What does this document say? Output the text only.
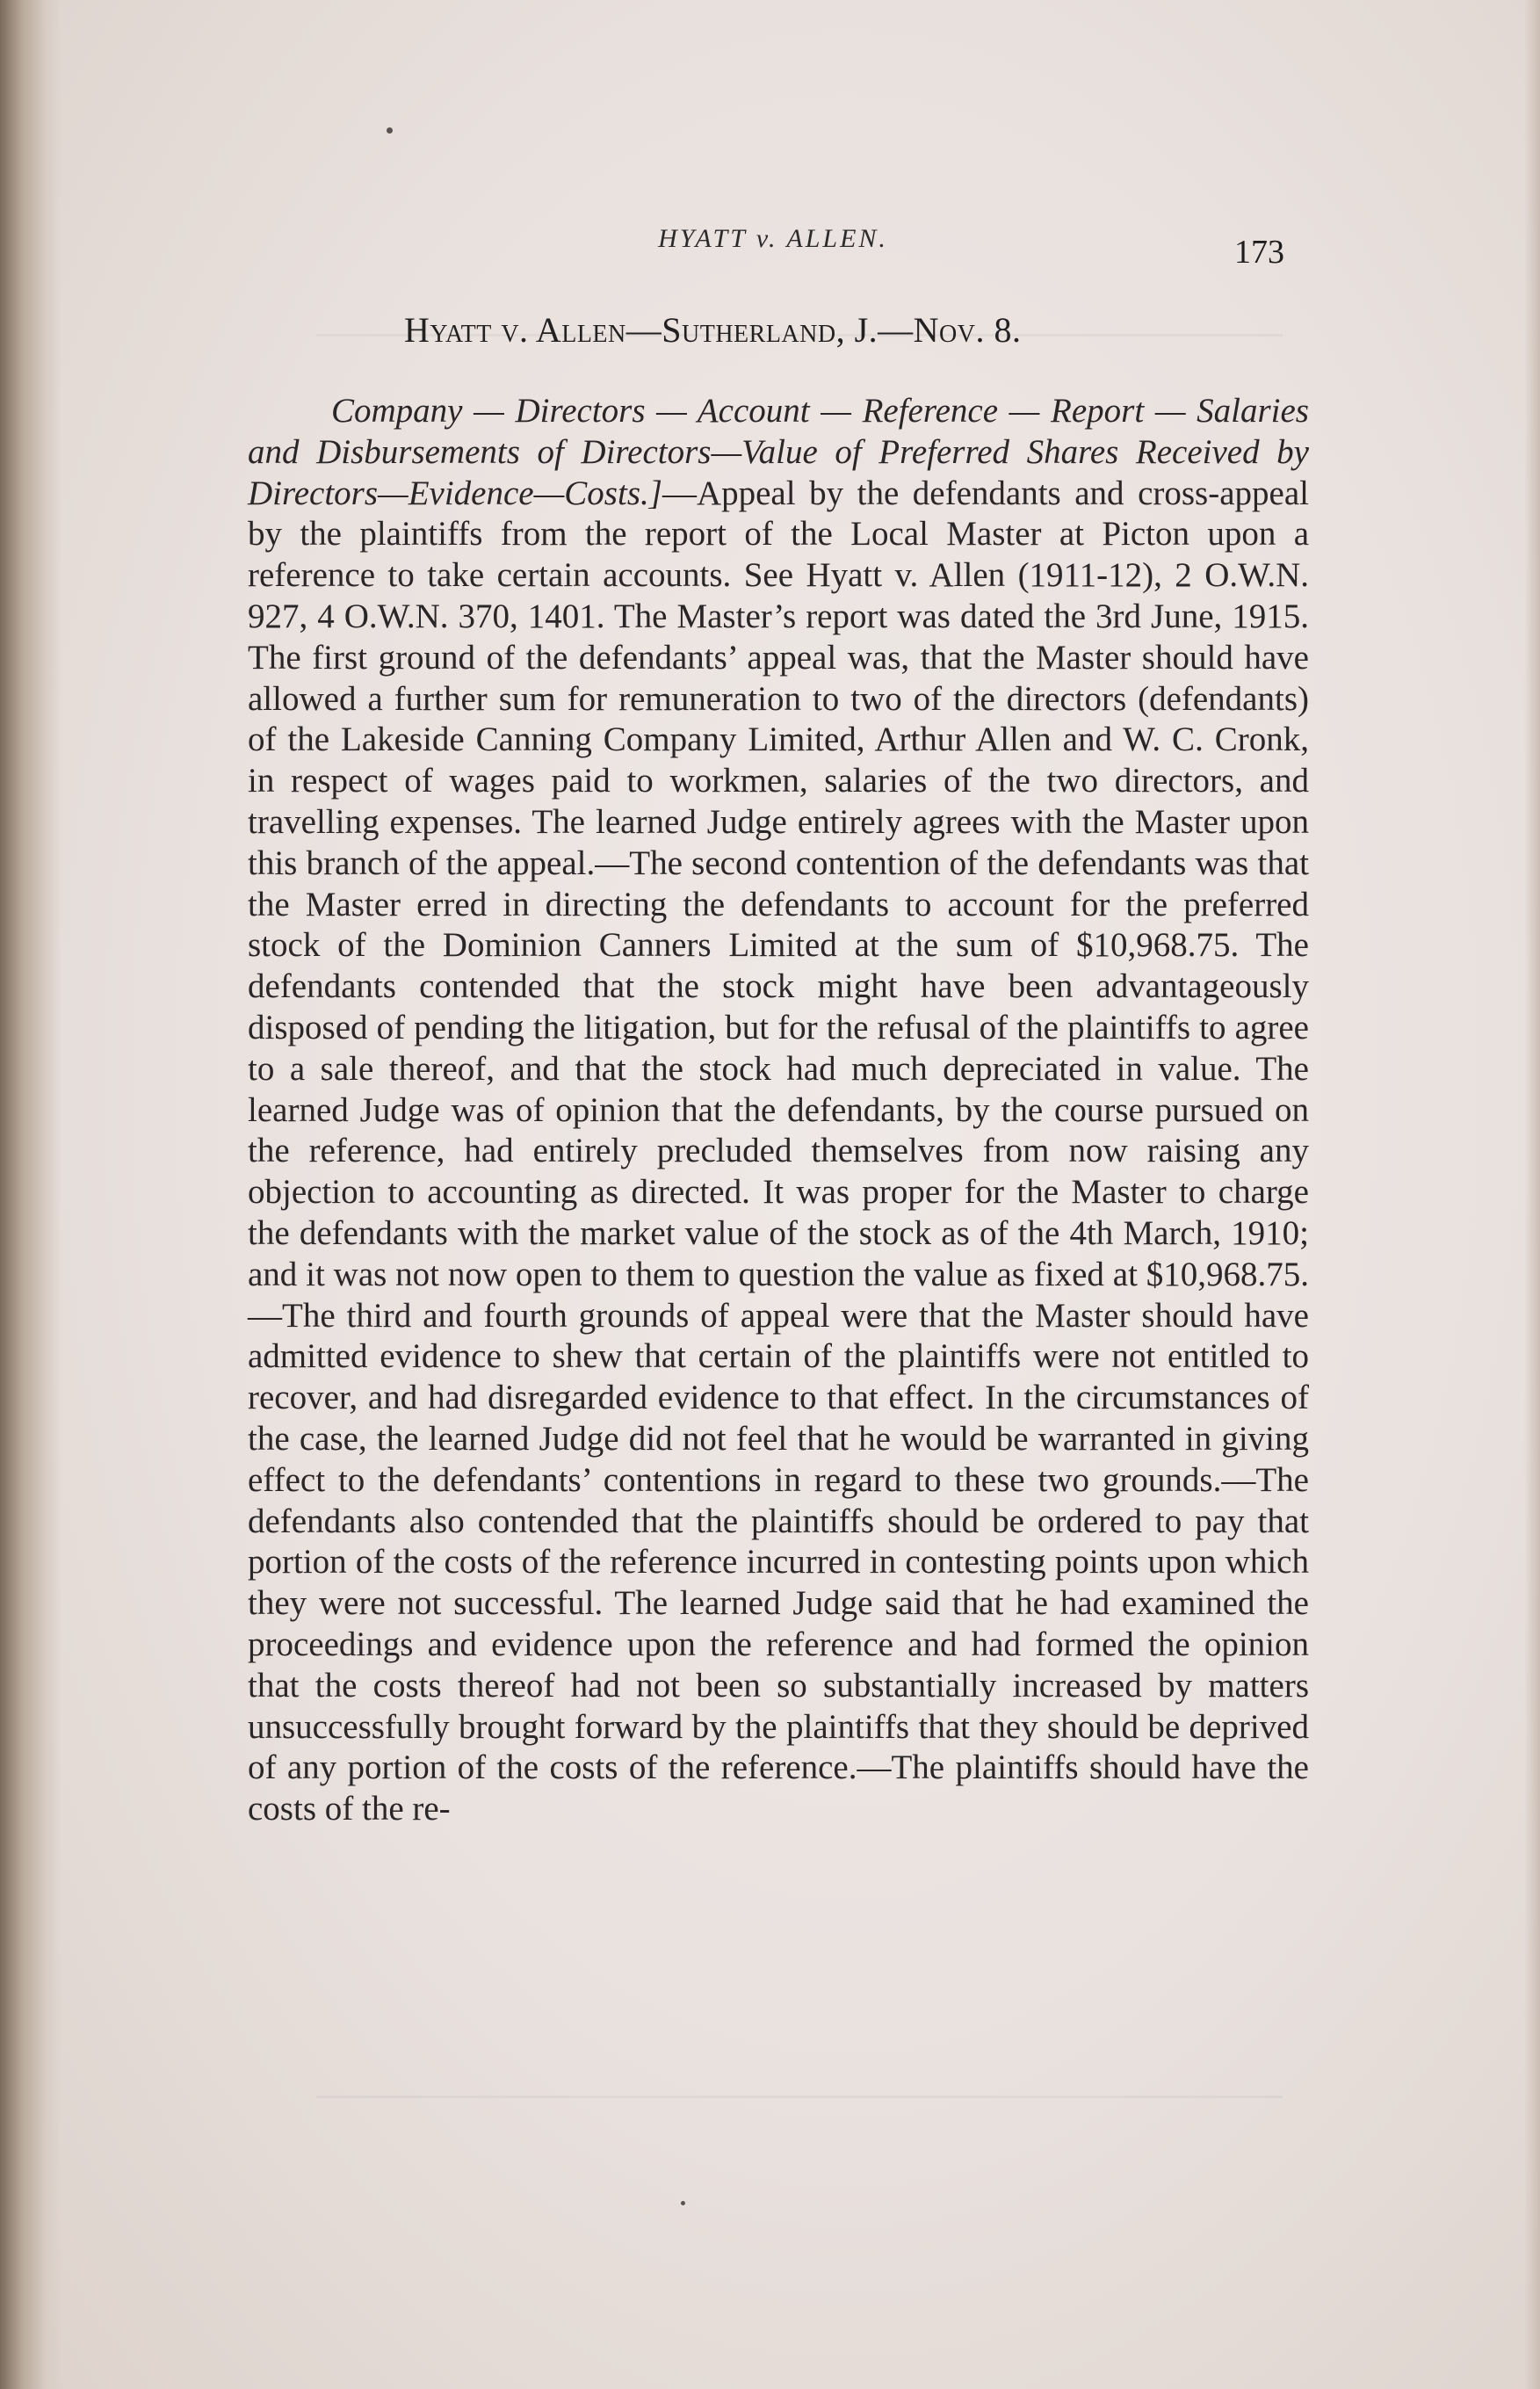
HYATT v. ALLEN.	173
Hyatt v. Allen—Sutherland, J.—Nov. 8.
Company — Directors — Account — Reference — Report — Salaries and Disbursements of Directors—Value of Preferred Shares Received by Directors—Evidence—Costs.]—Appeal by the defendants and cross-appeal by the plaintiffs from the report of the Local Master at Picton upon a reference to take certain accounts. See Hyatt v. Allen (1911-12), 2 O.W.N. 927, 4 O.W.N. 370, 1401. The Master’s report was dated the 3rd June, 1915. The first ground of the defendants’ appeal was, that the Master should have allowed a further sum for remuneration to two of the directors (defendants) of the Lakeside Canning Company Limited, Arthur Allen and W. C. Cronk, in respect of wages paid to workmen, salaries of the two directors, and travelling expenses. The learned Judge entirely agrees with the Master upon this branch of the appeal.—The second contention of the defendants was that the Master erred in directing the defendants to account for the preferred stock of the Dominion Canners Limited at the sum of $10,968.75. The defendants contended that the stock might have been advantageously disposed of pending the litigation, but for the refusal of the plaintiffs to agree to a sale thereof, and that the stock had much depreciated in value. The learned Judge was of opinion that the defendants, by the course pursued on the reference, had entirely precluded themselves from now raising any objection to accounting as directed. It was proper for the Master to charge the defendants with the market value of the stock as of the 4th March, 1910; and it was not now open to them to question the value as fixed at $10,968.75.—The third and fourth grounds of appeal were that the Master should have admitted evidence to shew that certain of the plaintiffs were not entitled to recover, and had disregarded evidence to that effect. In the circumstances of the case, the learned Judge did not feel that he would be warranted in giving effect to the defendants’ contentions in regard to these two grounds.—The defendants also contended that the plaintiffs should be ordered to pay that portion of the costs of the reference incurred in contesting points upon which they were not successful. The learned Judge said that he had examined the proceedings and evidence upon the reference and had formed the opinion that the costs thereof had not been so substantially increased by matters unsuccessfully brought forward by the plaintiffs that they should be deprived of any portion of the costs of the reference.—The plaintiffs should have the costs of the re-
